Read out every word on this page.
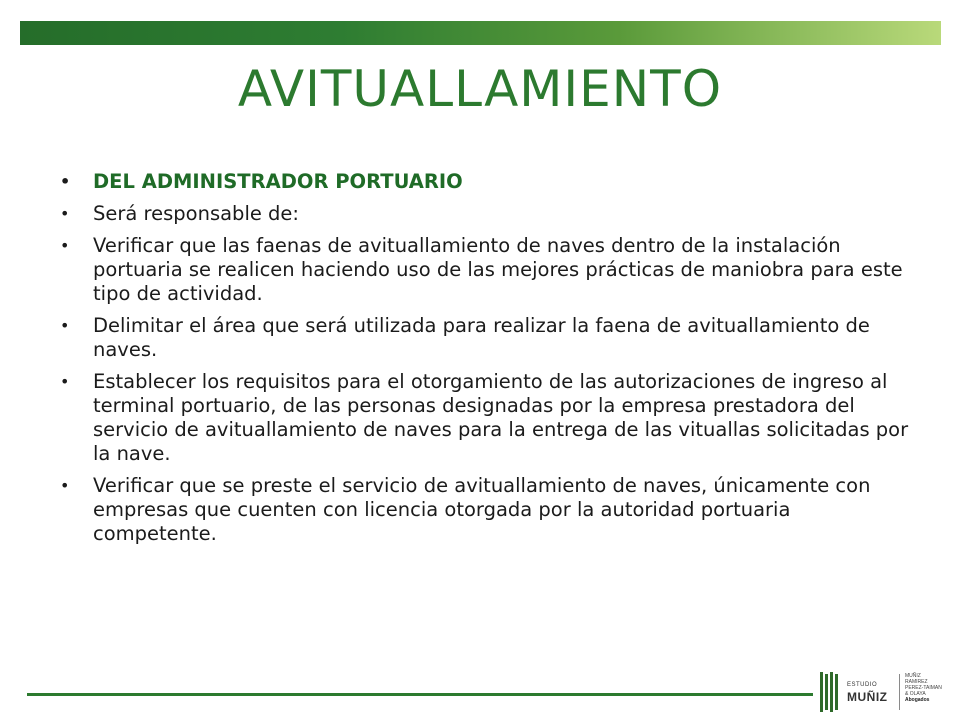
AVITUALLAMIENTO
• DEL ADMINISTRADOR PORTUARIO
• Será responsable de:
• Verificar que las faenas de avituallamiento de naves dentro de la instalación portuaria se realicen haciendo uso de las mejores prácticas de maniobra para este tipo de actividad.
• Delimitar el área que será utilizada para realizar la faena de avituallamiento de naves.
• Establecer los requisitos para el otorgamiento de las autorizaciones de ingreso al terminal portuario, de las personas designadas por la empresa prestadora del servicio de avituallamiento de naves para la entrega de las vituallas solicitadas por la nave.
• Verificar que se preste el servicio de avituallamiento de naves, únicamente con empresas que cuenten con licencia otorgada por la autoridad portuaria competente.
ESTUDIO
MUÑIZ
MUÑIZ
RAMIREZ
PEREZ-TAIMAN
& OLAYA
Abogados
